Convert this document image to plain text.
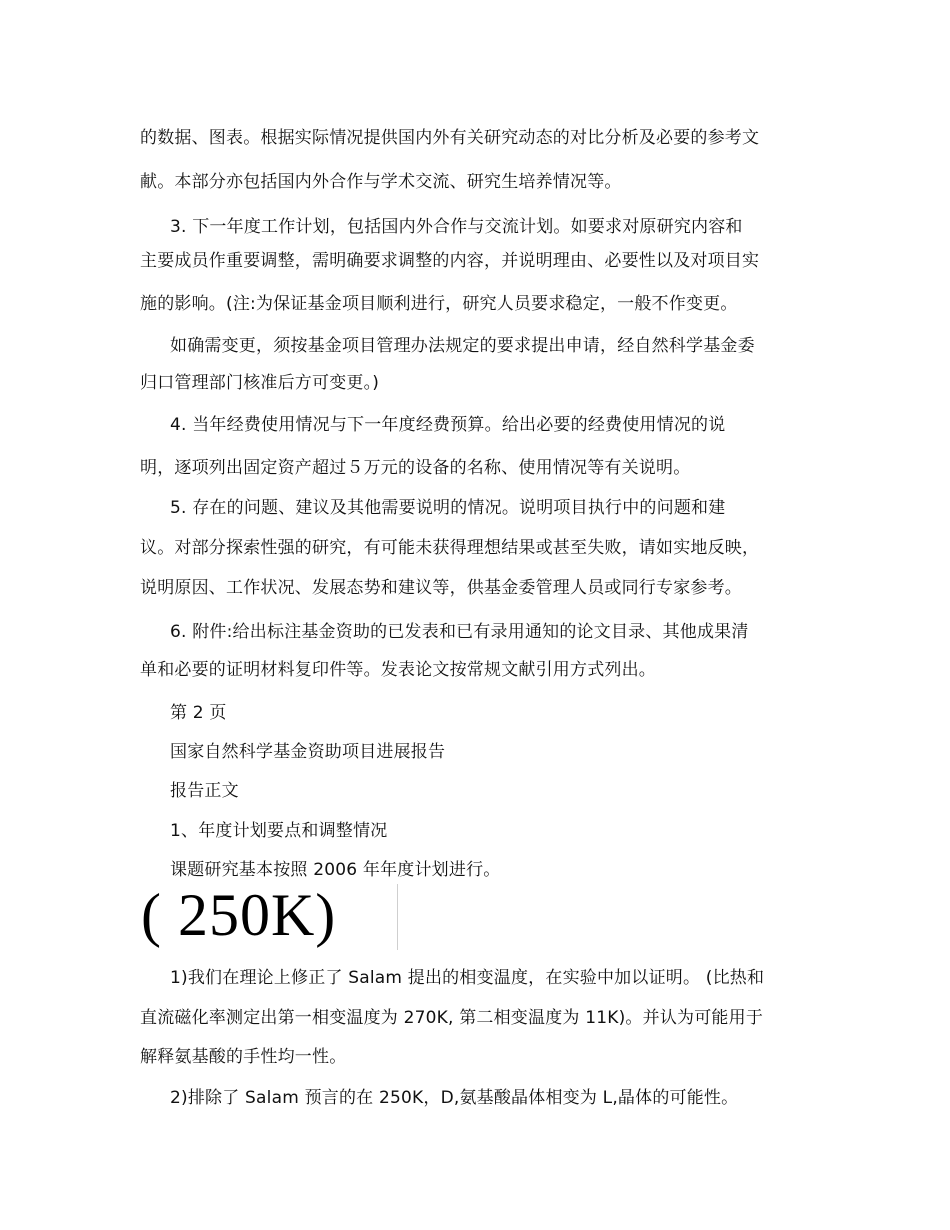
的数据、图表。根据实际情况提供国内外有关研究动态的对比分析及必要的参考文
献。本部分亦包括国内外合作与学术交流、研究生培养情况等。
3. 下一年度工作计划，包括国内外合作与交流计划。如要求对原研究内容和
主要成员作重要调整，需明确要求调整的内容，并说明理由、必要性以及对项目实
施的影响。(注:为保证基金项目顺利进行，研究人员要求稳定，一般不作变更。
如确需变更，须按基金项目管理办法规定的要求提出申请，经自然科学基金委
归口管理部门核准后方可变更。)
4. 当年经费使用情况与下一年度经费预算。给出必要的经费使用情况的说
明，逐项列出固定资产超过５万元的设备的名称、使用情况等有关说明。
5. 存在的问题、建议及其他需要说明的情况。说明项目执行中的问题和建
议。对部分探索性强的研究，有可能未获得理想结果或甚至失败，请如实地反映，
说明原因、工作状况、发展态势和建议等，供基金委管理人员或同行专家参考。
6. 附件:给出标注基金资助的已发表和已有录用通知的论文目录、其他成果清
单和必要的证明材料复印件等。发表论文按常规文献引用方式列出。
第 2 页
国家自然科学基金资助项目进展报告
报告正文
1、年度计划要点和调整情况
课题研究基本按照 2006 年年度计划进行。
( 250K)
1)我们在理论上修正了 Salam 提出的相变温度，在实验中加以证明。 (比热和
直流磁化率测定出第一相变温度为 270K, 第二相变温度为 11K)。并认为可能用于
解释氨基酸的手性均一性。
2)排除了 Salam 预言的在 250K，D,氨基酸晶体相变为 L,晶体的可能性。
